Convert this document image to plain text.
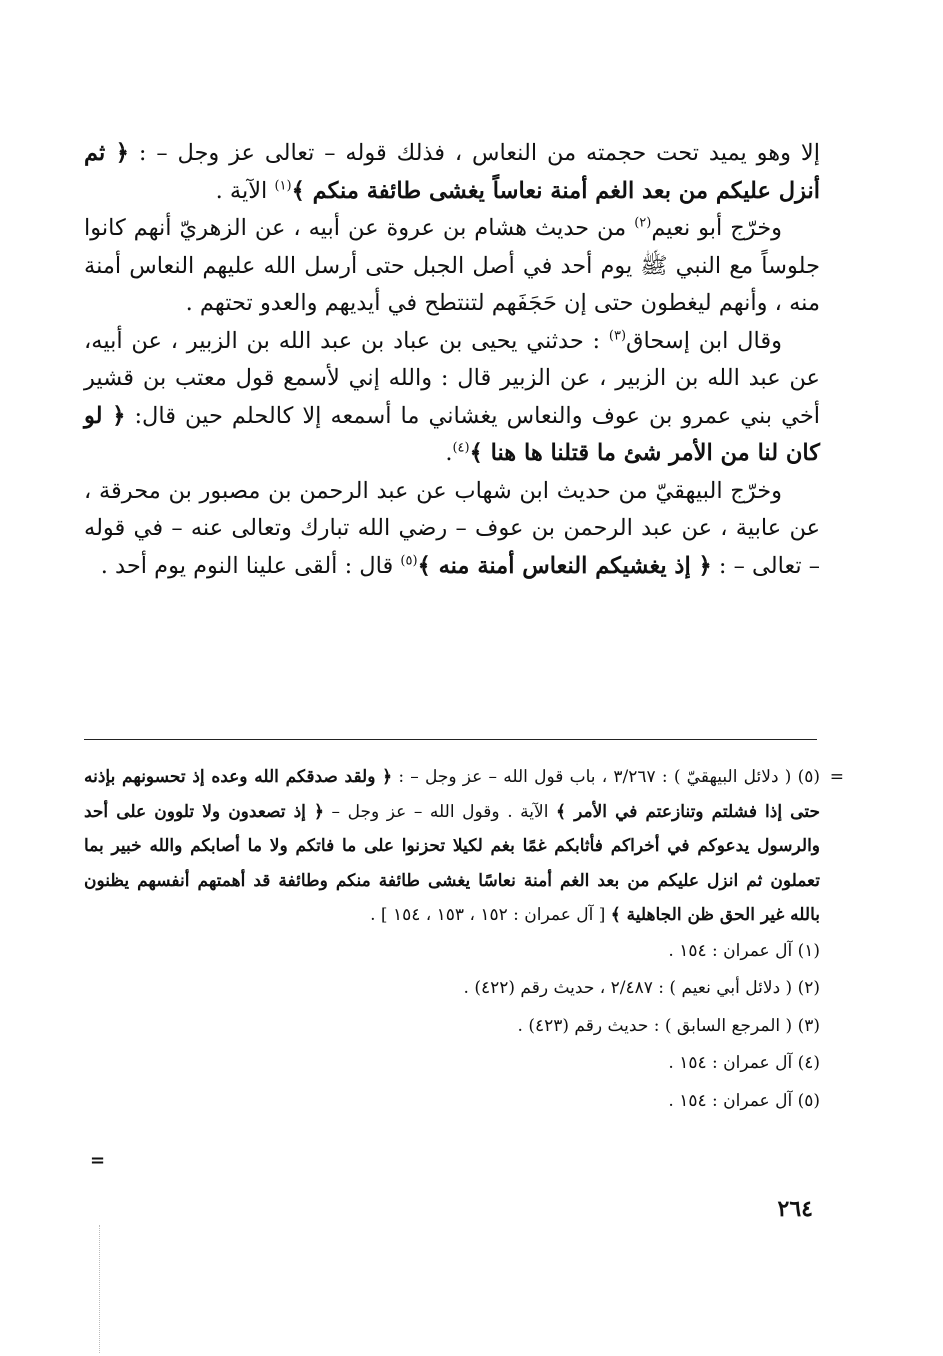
إلا وهو يميد تحت حجمته من النعاس ، فذلك قوله – تعالى عز وجل – : ﴿ ثم أنزل عليكم من بعد الغم أمنة نعاساً يغشى طائفة منكم ﴾$^{(١)}$ الآية .

وخرّج أبو نعيم$^{(٢)}$ من حديث هشام بن عروة عن أبيه ، عن الزهريّ أنهم كانوا جلوساً مع النبي ﷺ يوم أحد في أصل الجبل حتى أرسل الله عليهم النعاس أمنة منه ، وأنهم ليغطون حتى إن حَجَفَهم لتنتطح في أيديهم والعدو تحتهم .

وقال ابن إسحاق$^{(٣)}$ : حدثني يحيى بن عباد بن عبد الله بن الزبير ، عن أبيه، عن عبد الله بن الزبير ، عن الزبير قال : والله إني لأسمع قول معتب بن قشير أخي بني عمرو بن عوف والنعاس يغشاني ما أسمعه إلا كالحلم حين قال: ﴿ لو كان لنا من الأمر شئ ما قتلنا ها هنا ﴾$^{(٤)}$.

وخرّج البيهقيّ من حديث ابن شهاب عن عبد الرحمن بن مصبور بن محرقة ، عن عابية ، عن عبد الرحمن بن عوف – رضي الله تبارك وتعالى عنه – في قوله – تعالى – : ﴿ إذ يغشيكم النعاس أمنة منه ﴾$^{(٥)}$ قال : ألقى علينا النوم يوم أحد .

=
(٥) ( دلائل البيهقيّ ) : ٣/٢٦٧ ، باب قول الله – عز وجل – : ﴿ ولقد صدقكم الله وعده إذ تحسونهم بإذنه حتى إذا فشلتم وتنازعتم في الأمر ﴾ الآية . وقول الله – عز وجل – ﴿ إذ تصعدون ولا تلوون على أحد والرسول يدعوكم في أخراكم فأثابكم غمًا بغم لكيلا تحزنوا على ما فاتكم ولا ما أصابكم والله خبير بما تعملون ثم انزل عليكم من بعد الغم أمنة نعاسًا يغشى طائفة منكم وطائفة قد أهمتهم أنفسهم يظنون بالله غير الحق ظن الجاهلية ﴾ [ آل عمران : ١٥٢ ، ١٥٣ ، ١٥٤ ] .

(١) آل عمران : ١٥٤ .

(٢) ( دلائل أبي نعيم ) : ٢/٤٨٧ ، حديث رقم (٤٢٢) .

(٣) ( المرجع السابق ) : حديث رقم (٤٢٣) .

(٤) آل عمران : ١٥٤ .

(٥) آل عمران : ١٥٤ .

=
٢٦٤
